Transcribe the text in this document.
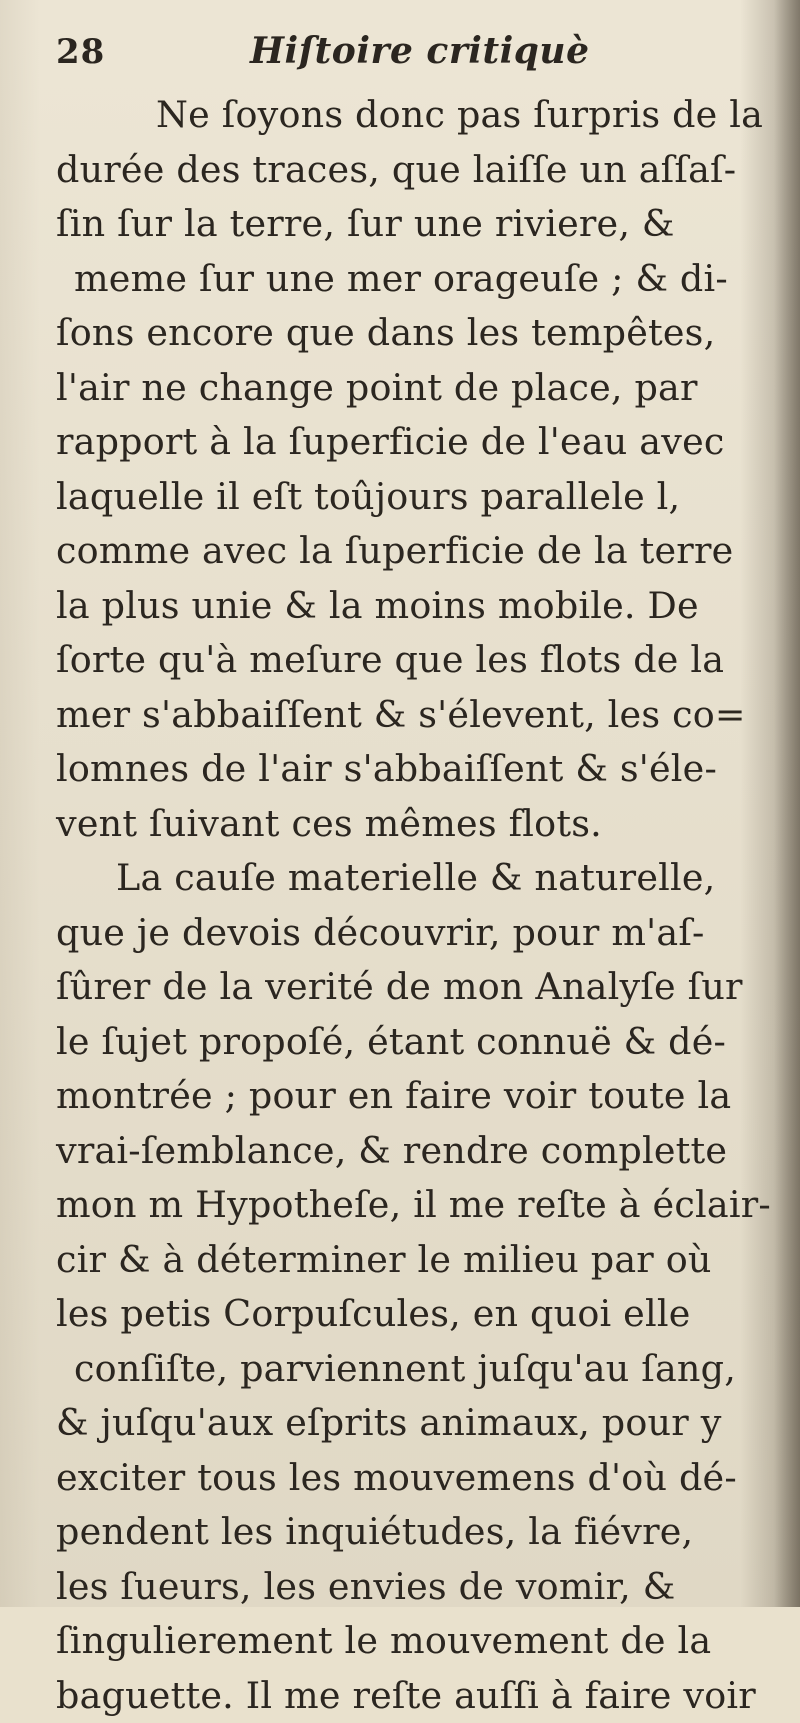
28	Hiſtoire critiquè
Ne ſoyons donc pas ſurpris de la
durée des traces, que laiſſe un aſſaſ-
ſin ſur la terre, ſur une riviere, &
meme ſur une mer orageuſe ; & di-
ſons encore que dans les tempêtes,
l'air ne change point de place, par
rapport à la ſuperficie de l'eau avec
laquelle il eſt toûjours parallele l,
comme avec la ſuperficie de la terre
la plus unie & la moins mobile. De
ſorte qu'à meſure que les flots de la
mer s'abbaiſſent & s'élevent, les co=
lomnes de l'air s'abbaiſſent & s'éle-
vent ſuivant ces mêmes flots.
La cauſe materielle & naturelle,
que je devois découvrir, pour m'aſ-
ſûrer de la verité de mon Analyſe ſur
le ſujet propoſé, étant connuë & dé-
montrée ; pour en faire voir toute la
vrai-ſemblance, & rendre complette
mon m Hypotheſe, il me reſte à éclair-
cir & à déterminer le milieu par où
les petis Corpuſcules, en quoi elle
conſiſte, parviennent juſqu'au ſang,
& juſqu'aux eſprits animaux, pour y
exciter tous les mouvemens d'où dé-
pendent les inquiétudes, la fiévre,
les ſueurs, les envies de vomir, &
ſingulierement le mouvement de la
baguette. Il me reſte auſſi à faire voir
